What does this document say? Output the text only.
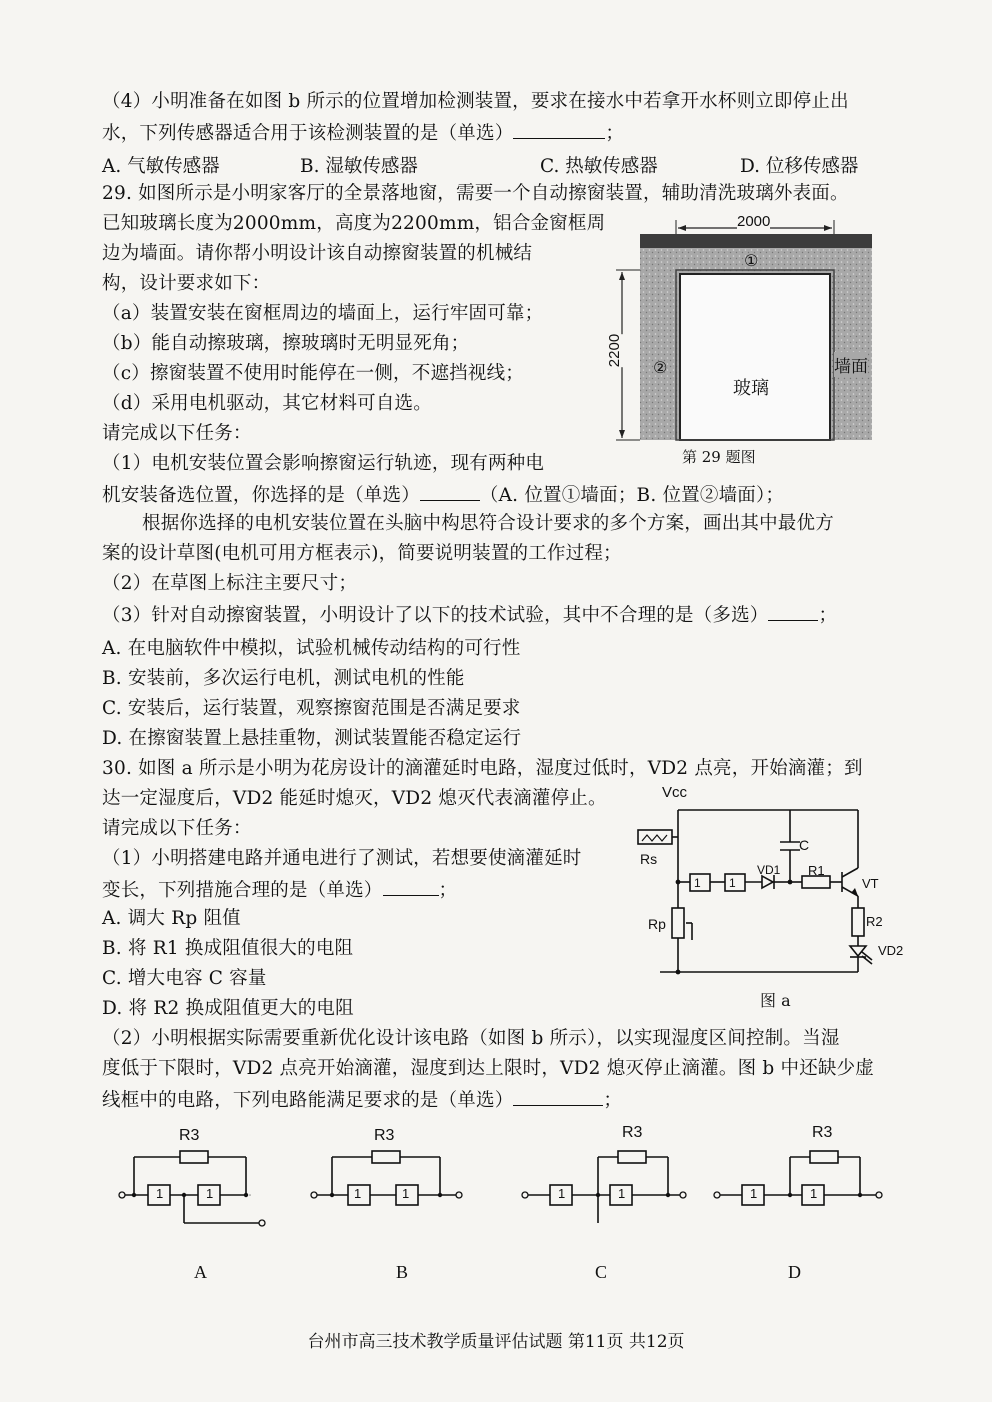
（4）小明准备在如图 b 所示的位置增加检测装置，要求在接水中若拿开水杯则立即停止出
水，下列传感器适合用于该检测装置的是（单选）	；
A. 气敏传感器	B. 湿敏传感器	C. 热敏传感器	D. 位移传感器
29. 如图所示是小明家客厅的全景落地窗，需要一个自动擦窗装置，辅助清洗玻璃外表面。
已知玻璃长度为2000mm，高度为2200mm，铝合金窗框周
边为墙面。请你帮小明设计该自动擦窗装置的机械结
构，设计要求如下：
（a）装置安装在窗框周边的墙面上，运行牢固可靠；
（b）能自动擦玻璃，擦玻璃时无明显死角；
（c）擦窗装置不使用时能停在一侧，不遮挡视线；
（d）采用电机驱动，其它材料可自选。
请完成以下任务：
（1）电机安装位置会影响擦窗运行轨迹，现有两种电
机安装备选位置，你选择的是（单选）	（A. 位置①墙面；B. 位置②墙面）；
根据你选择的电机安装位置在头脑中构思符合设计要求的多个方案，画出其中最优方
案的设计草图(电机可用方框表示)，简要说明装置的工作过程；
（2）在草图上标注主要尺寸；
（3）针对自动擦窗装置，小明设计了以下的技术试验，其中不合理的是（多选）	；
A. 在电脑软件中模拟，试验机械传动结构的可行性
B. 安装前，多次运行电机，测试电机的性能
C. 安装后，运行装置，观察擦窗范围是否满足要求
D. 在擦窗装置上悬挂重物，测试装置能否稳定运行
2000
2200
①
②
玻璃
墙面
第 29 题图
30. 如图 a 所示是小明为花房设计的滴灌延时电路，湿度过低时，VD2 点亮，开始滴灌；到
达一定湿度后，VD2 能延时熄灭，VD2 熄灭代表滴灌停止。
请完成以下任务：
（1）小明搭建电路并通电进行了测试，若想要使滴灌延时
变长，下列措施合理的是（单选）	；
A. 调大 Rp 阻值
B. 将 R1 换成阻值很大的电阻
C. 增大电容 C 容量
D. 将 R2 换成阻值更大的电阻
（2）小明根据实际需要重新优化设计该电路（如图 b 所示），以实现湿度区间控制。当湿
度低于下限时，VD2 点亮开始滴灌，湿度到达上限时，VD2 熄灭停止滴灌。图 b 中还缺少虚
线框中的电路，下列电路能满足要求的是（单选）	；
Vcc
Rs
Rp
C
VD1 R1
VT
R2
VD2
1 1
图 a
R3	R3	R3	R3
1	1	1	1	1	1	1	1
A	B	C	D
台州市高三技术教学质量评估试题 第11页 共12页
